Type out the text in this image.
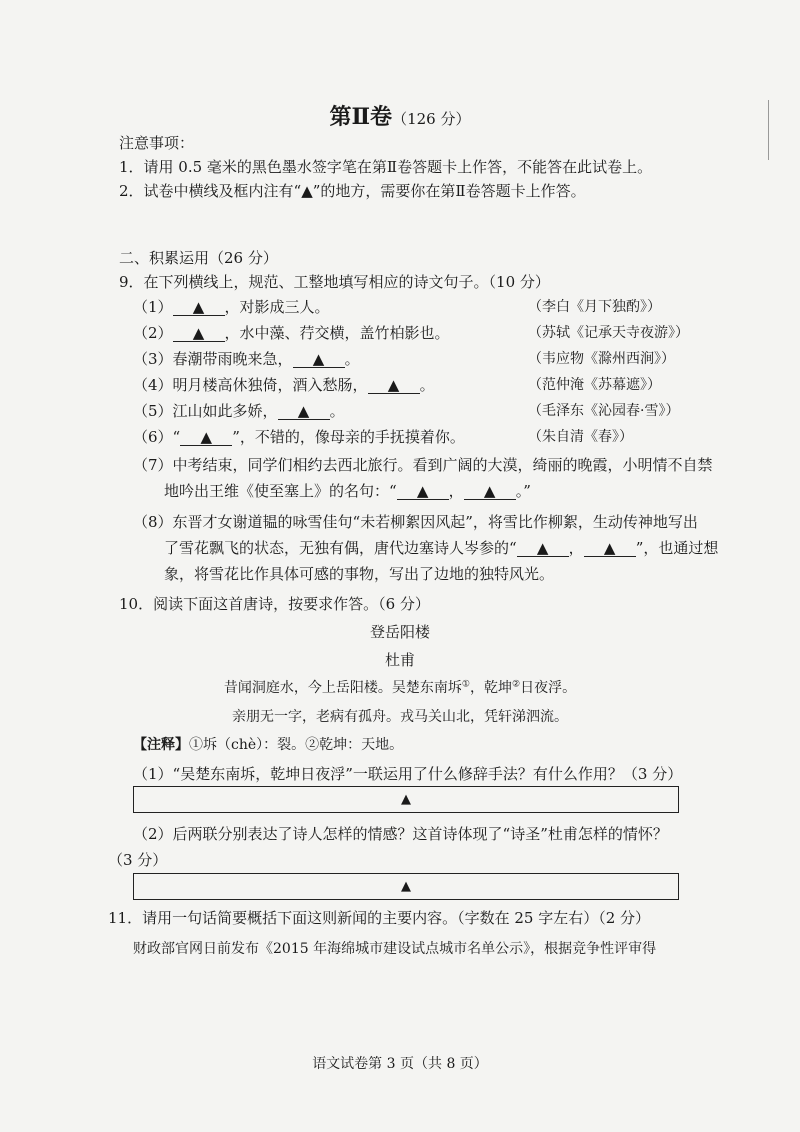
第Ⅱ卷（126 分）
注意事项：
1．请用 0.5 毫米的黑色墨水签字笔在第Ⅱ卷答题卡上作答，不能答在此试卷上。
2．试卷中横线及框内注有“▲”的地方，需要你在第Ⅱ卷答题卡上作答。
二、积累运用（26 分）
9．在下列横线上，规范、工整地填写相应的诗文句子。（10 分）
（1） ▲ ，对影成三人。	（李白《月下独酌》）
（2） ▲ ，水中藻、荇交横，盖竹柏影也。	（苏轼《记承天寺夜游》）
（3）春潮带雨晚来急， ▲ 。	（韦应物《滁州西涧》）
（4）明月楼高休独倚，酒入愁肠， ▲ 。	（范仲淹《苏幕遮》）
（5）江山如此多娇， ▲ 。	（毛泽东《沁园春·雪》）
（6）“ ▲ ”，不错的，像母亲的手抚摸着你。	（朱自清《春》）
（7）中考结束，同学们相约去西北旅行。看到广阔的大漠，绮丽的晚霞，小明情不自禁
地吟出王维《使至塞上》的名句：“ ▲ ， ▲ 。”
（8）东晋才女谢道韫的咏雪佳句“未若柳絮因风起”，将雪比作柳絮，生动传神地写出
了雪花飘飞的状态，无独有偶，唐代边塞诗人岑参的“ ▲ ， ▲ ”，也通过想
象，将雪花比作具体可感的事物，写出了边地的独特风光。
10．阅读下面这首唐诗，按要求作答。（6 分）
登岳阳楼
杜甫
昔闻洞庭水，今上岳阳楼。吴楚东南坼①，乾坤②日夜浮。
亲朋无一字，老病有孤舟。戎马关山北，凭轩涕泗流。
【注释】①坼（chè）：裂。②乾坤：天地。
（1）“吴楚东南坼，乾坤日夜浮”一联运用了什么修辞手法？有什么作用？（3 分）
▲
（2）后两联分别表达了诗人怎样的情感？这首诗体现了“诗圣”杜甫怎样的情怀？
（3 分）
▲
11．请用一句话简要概括下面这则新闻的主要内容。（字数在 25 字左右）（2 分）
财政部官网日前发布《2015 年海绵城市建设试点城市名单公示》，根据竞争性评审得
语文试卷第 3 页（共 8 页）
